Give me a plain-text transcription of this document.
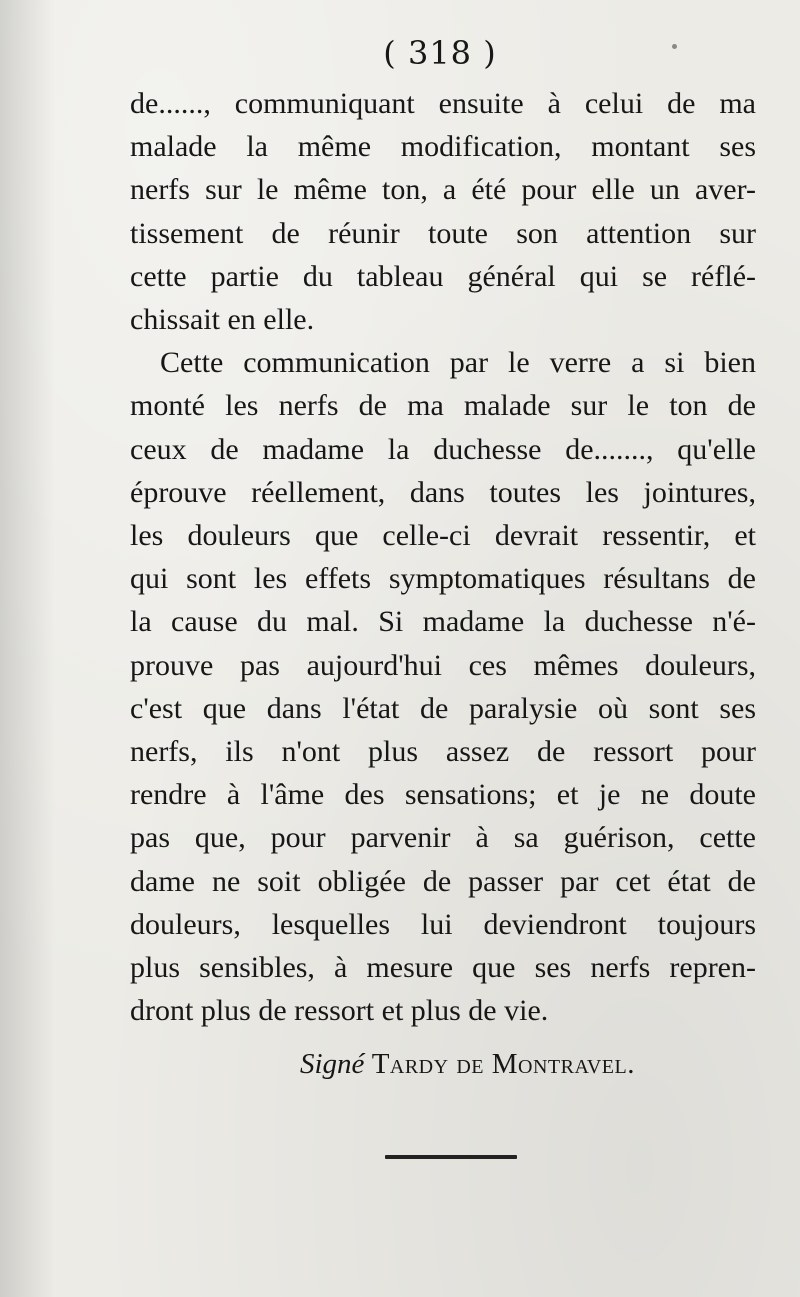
( 318 )

de......, communiquant ensuite à celui de ma
malade la même modification, montant ses
nerfs sur le même ton, a été pour elle un aver-
tissement de réunir toute son attention sur
cette partie du tableau général qui se réflé-
chissait en elle.

Cette communication par le verre a si bien
monté les nerfs de ma malade sur le ton de
ceux de madame la duchesse de......., qu'elle
éprouve réellement, dans toutes les jointures,
les douleurs que celle-ci devrait ressentir, et
qui sont les effets symptomatiques résultans de
la cause du mal. Si madame la duchesse n'é-
prouve pas aujourd'hui ces mêmes douleurs,
c'est que dans l'état de paralysie où sont ses
nerfs, ils n'ont plus assez de ressort pour
rendre à l'âme des sensations; et je ne doute
pas que, pour parvenir à sa guérison, cette
dame ne soit obligée de passer par cet état de
douleurs, lesquelles lui deviendront toujours
plus sensibles, à mesure que ses nerfs repren-
dront plus de ressort et plus de vie.

Signé Tardy de Montravel.
